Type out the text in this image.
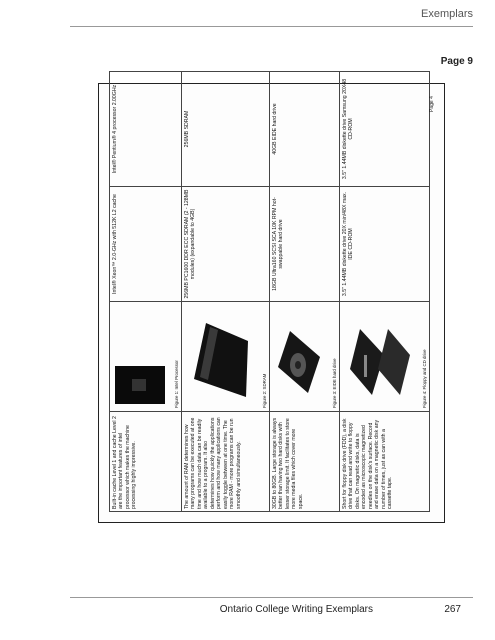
Exemplars
Page 9
Built-in cache Level 1 and cache Level 2 are the important features of intel processor which makes the machine processing highly impressive.	Figure 1: Intel Processor	Intel® Xeon™ 2.0-GHz with 512K L2 cache	Intel® Pentium® 4 processor 2.00GHz
The amount of RAM determines how many programs can be executed at one time and how much data can be readily available to a program. It also determines how quickly the applications perform and how many applications can easily toggle between at one time. The more RAM - more programs can be run smoothly and simultaneously.	Figure 2: SDRAM	256MB PC1600 DDR ECC SDRAM (2 - 128MB modules) (expandable to 4GB)	256MB SDRAM
30GB to 80GB. Large storage is always better than having two hard disks with lesser storage limit. It facilitates to store more media files which cover more space.	Figure 3: EIDE hard drive	18GB Ultra160 SCSI SCA 10K RPM hot-swappable hard drive	40GB EIDE hard drive
Short for floppy disk drive (FDD), a disk drive that can read and write to floppy disks. On magnetic disks, data is encoded as microscopic magnetized needles on the disk's surface. Record and erase data on a magnetic disk any number of times, just as can with a cassette tape.	Figure 4: Floppy and CD drive	3.5" 1.44MB diskette drive 20X min/48X max. IDE CD-ROM	3.5" 1.44MB diskette drive Samsung 20X48 CD-ROM
Page 4
Ontario College Writing Exemplars	267
